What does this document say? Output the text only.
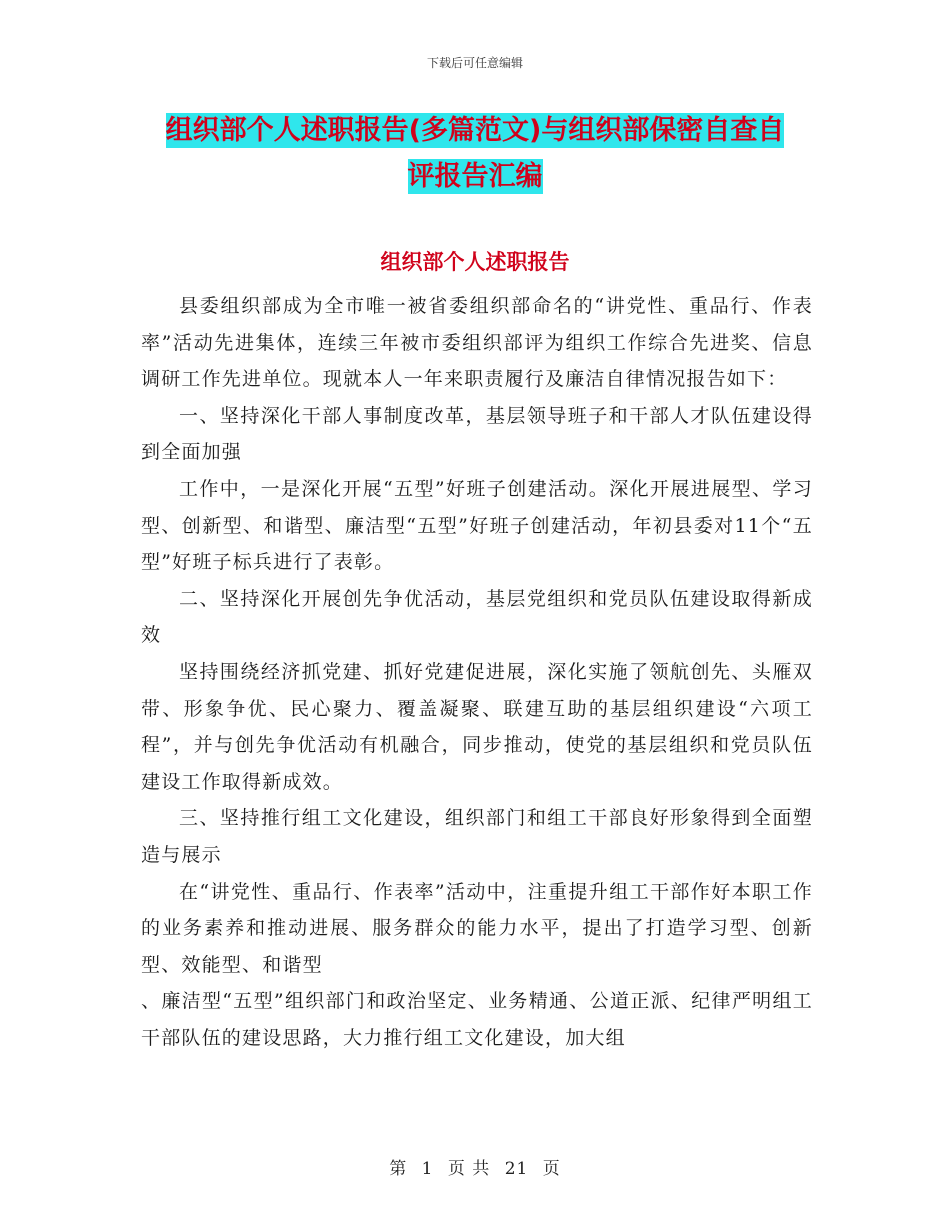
下载后可任意编辑
组织部个人述职报告(多篇范文)与组织部保密自查自
评报告汇编
组织部个人述职报告

县委组织部成为全市唯一被省委组织部命名的“讲党性、重品行、作表率”活动先进集体，连续三年被市委组织部评为组织工作综合先进奖、信息调研工作先进单位。现就本人一年来职责履行及廉洁自律情况报告如下：

一、坚持深化干部人事制度改革，基层领导班子和干部人才队伍建设得到全面加强

工作中，一是深化开展“五型”好班子创建活动。深化开展进展型、学习型、创新型、和谐型、廉洁型“五型”好班子创建活动，年初县委对11个“五型”好班子标兵进行了表彰。

二、坚持深化开展创先争优活动，基层党组织和党员队伍建设取得新成效

坚持围绕经济抓党建、抓好党建促进展，深化实施了领航创先、头雁双带、形象争优、民心聚力、覆盖凝聚、联建互助的基层组织建设“六项工程”，并与创先争优活动有机融合，同步推动，使党的基层组织和党员队伍建设工作取得新成效。

三、坚持推行组工文化建设，组织部门和组工干部良好形象得到全面塑造与展示

在“讲党性、重品行、作表率”活动中，注重提升组工干部作好本职工作的业务素养和推动进展、服务群众的能力水平，提出了打造学习型、创新型、效能型、和谐型

、廉洁型“五型”组织部门和政治坚定、业务精通、公道正派、纪律严明组工干部队伍的建设思路，大力推行组工文化建设，加大组

第 1 页 共 21 页
